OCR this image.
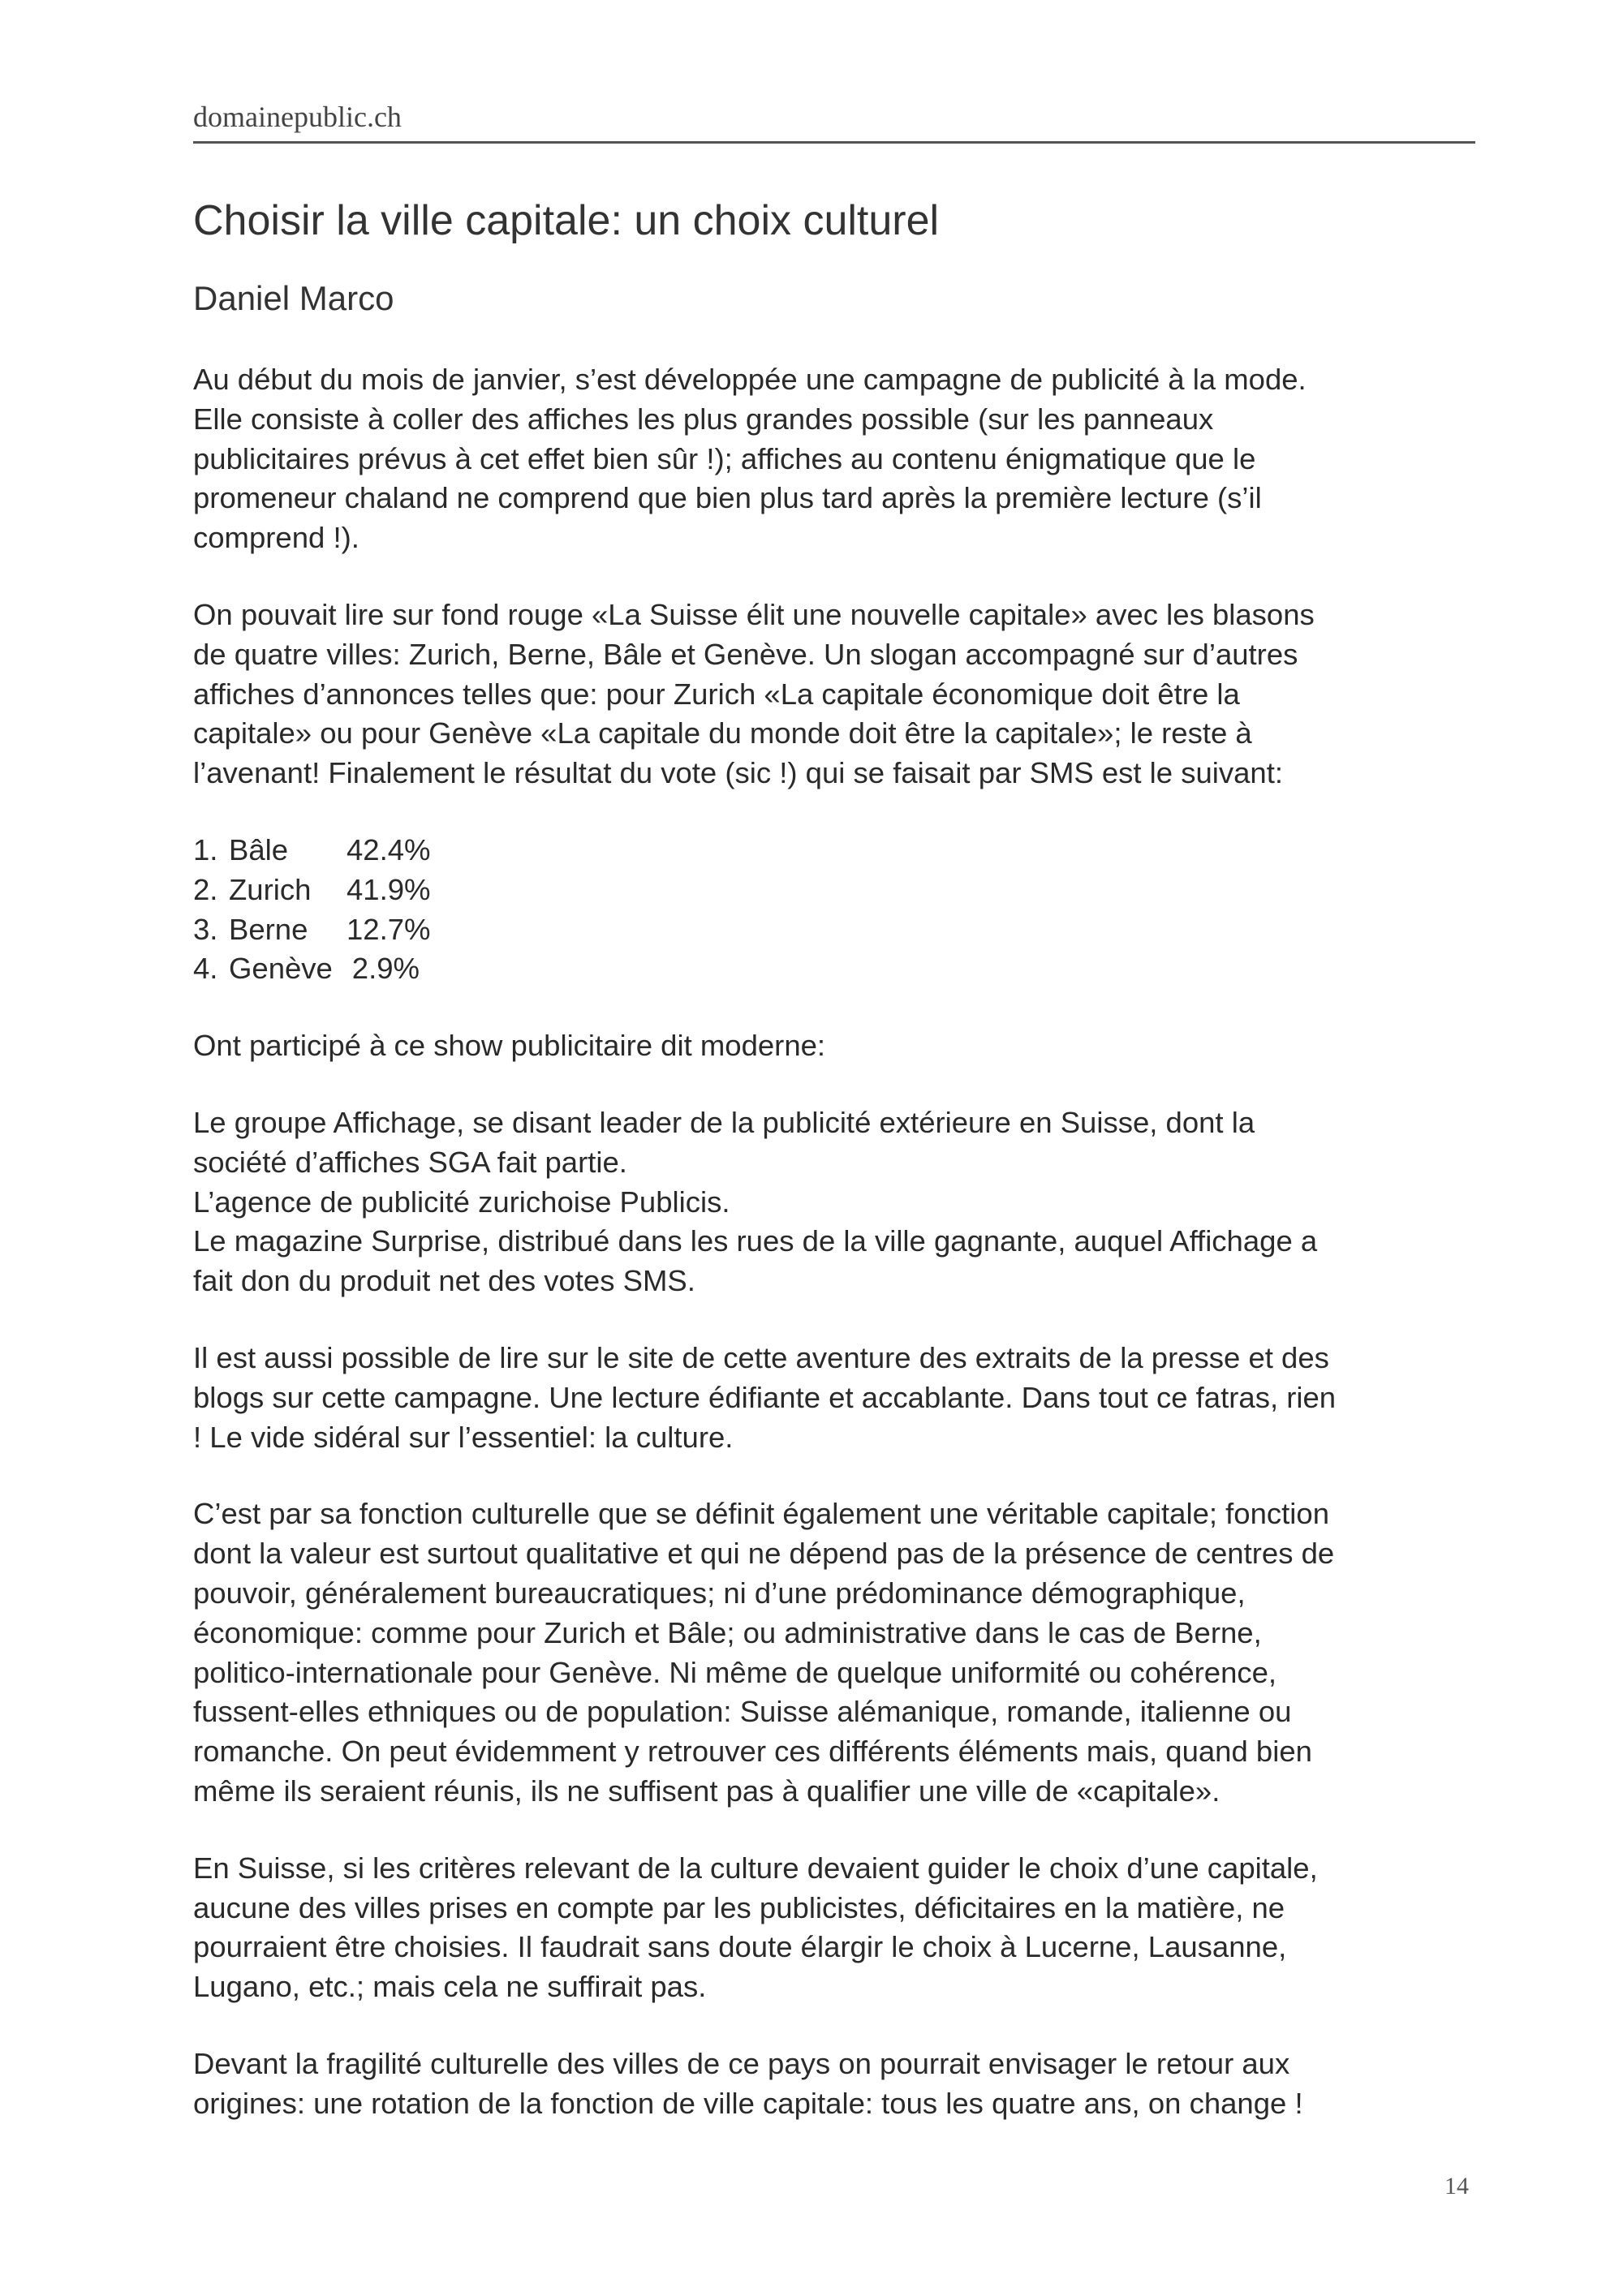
domainepublic.ch
Choisir la ville capitale: un choix culturel
Daniel Marco

Au début du mois de janvier, s’est développée une campagne de publicité à la mode.
Elle consiste à coller des affiches les plus grandes possible (sur les panneaux
publicitaires prévus à cet effet bien sûr !); affiches au contenu énigmatique que le
promeneur chaland ne comprend que bien plus tard après la première lecture (s’il
comprend !).

On pouvait lire sur fond rouge «La Suisse élit une nouvelle capitale» avec les blasons
de quatre villes: Zurich, Berne, Bâle et Genève. Un slogan accompagné sur d’autres
affiches d’annonces telles que: pour Zurich «La capitale économique doit être la
capitale» ou pour Genève «La capitale du monde doit être la capitale»; le reste à
l’avenant! Finalement le résultat du vote (sic !) qui se faisait par SMS est le suivant:

1. Bâle	42.4%
2. Zurich	41.9%
3. Berne	12.7%
4. Genève 2.9%

Ont participé à ce show publicitaire dit moderne:

Le groupe Affichage, se disant leader de la publicité extérieure en Suisse, dont la
société d’affiches SGA fait partie.
L’agence de publicité zurichoise Publicis.
Le magazine Surprise, distribué dans les rues de la ville gagnante, auquel Affichage a
fait don du produit net des votes SMS.

Il est aussi possible de lire sur le site de cette aventure des extraits de la presse et des
blogs sur cette campagne. Une lecture édifiante et accablante. Dans tout ce fatras, rien
! Le vide sidéral sur l’essentiel: la culture.

C’est par sa fonction culturelle que se définit également une véritable capitale; fonction
dont la valeur est surtout qualitative et qui ne dépend pas de la présence de centres de
pouvoir, généralement bureaucratiques; ni d’une prédominance démographique,
économique: comme pour Zurich et Bâle; ou administrative dans le cas de Berne,
politico-internationale pour Genève. Ni même de quelque uniformité ou cohérence,
fussent-elles ethniques ou de population: Suisse alémanique, romande, italienne ou
romanche. On peut évidemment y retrouver ces différents éléments mais, quand bien
même ils seraient réunis, ils ne suffisent pas à qualifier une ville de «capitale».

En Suisse, si les critères relevant de la culture devaient guider le choix d’une capitale,
aucune des villes prises en compte par les publicistes, déficitaires en la matière, ne
pourraient être choisies. Il faudrait sans doute élargir le choix à Lucerne, Lausanne,
Lugano, etc.; mais cela ne suffirait pas.

Devant la fragilité culturelle des villes de ce pays on pourrait envisager le retour aux
origines: une rotation de la fonction de ville capitale: tous les quatre ans, on change !

14
